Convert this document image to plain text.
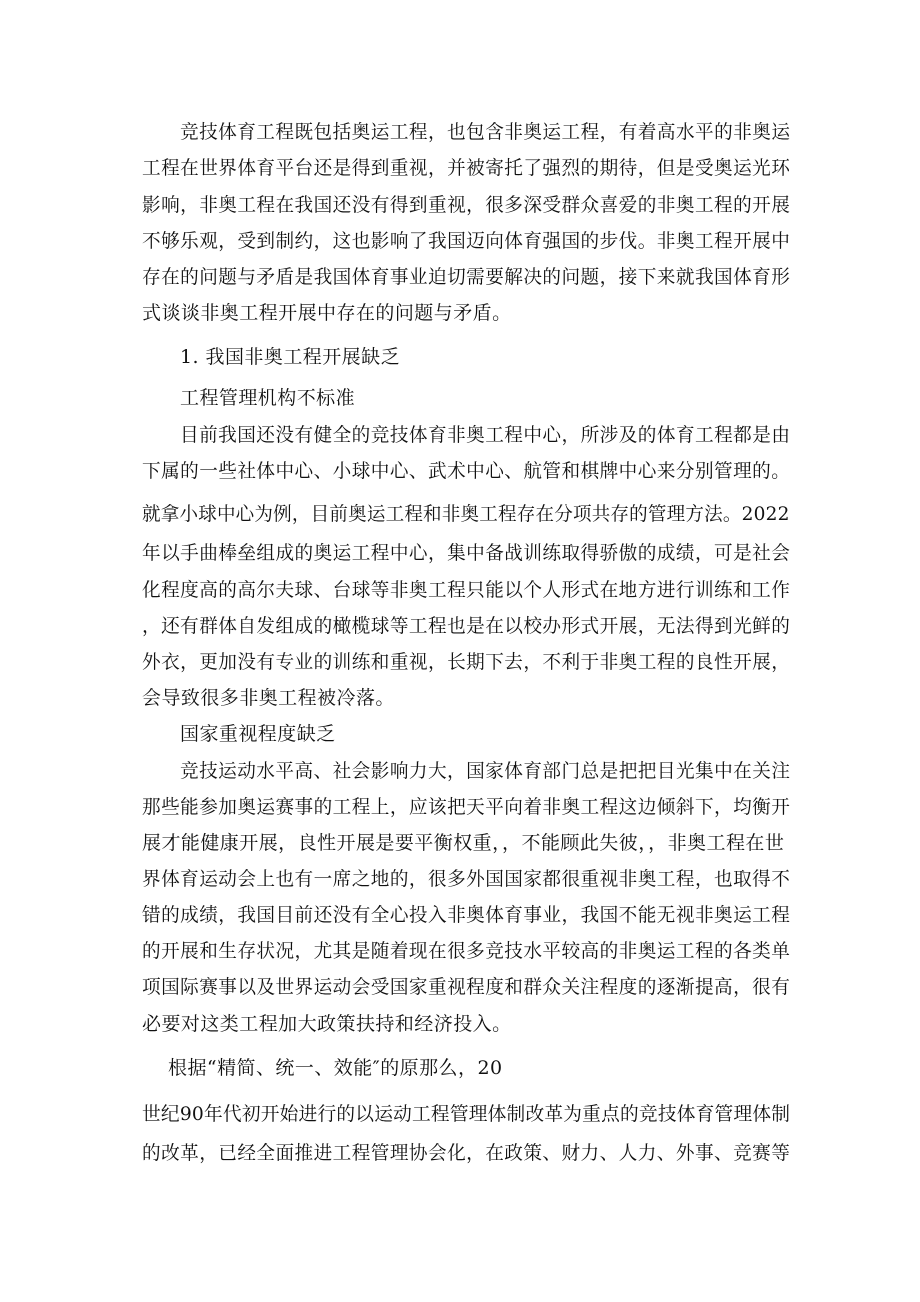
竞技体育工程既包括奥运工程，也包含非奥运工程，有着高水平的非奥运
工程在世界体育平台还是得到重视，并被寄托了强烈的期待，但是受奥运光环
影响，非奥工程在我国还没有得到重视，很多深受群众喜爱的非奥工程的开展
不够乐观，受到制约，这也影响了我国迈向体育强国的步伐。非奥工程开展中
存在的问题与矛盾是我国体育事业迫切需要解决的问题，接下来就我国体育形
式谈谈非奥工程开展中存在的问题与矛盾。
1. 我国非奥工程开展缺乏
工程管理机构不标准
目前我国还没有健全的竞技体育非奥工程中心，所涉及的体育工程都是由
下属的一些社体中心、小球中心、武术中心、航管和棋牌中心来分别管理的。
就拿小球中心为例，目前奥运工程和非奥工程存在分项共存的管理方法。2022
年以手曲棒垒组成的奥运工程中心，集中备战训练取得骄傲的成绩，可是社会
化程度高的高尔夫球、台球等非奥工程只能以个人形式在地方进行训练和工作
，还有群体自发组成的橄榄球等工程也是在以校办形式开展，无法得到光鲜的
外衣，更加没有专业的训练和重视，长期下去，不利于非奥工程的良性开展，
会导致很多非奥工程被冷落。
国家重视程度缺乏
竞技运动水平高、社会影响力大，国家体育部门总是把把目光集中在关注
那些能参加奥运赛事的工程上，应该把天平向着非奥工程这边倾斜下，均衡开
展才能健康开展，良性开展是要平衡权重，，不能顾此失彼，，非奥工程在世
界体育运动会上也有一席之地的，很多外国国家都很重视非奥工程，也取得不
错的成绩，我国目前还没有全心投入非奥体育事业，我国不能无视非奥运工程
的开展和生存状况，尤其是随着现在很多竞技水平较高的非奥运工程的各类单
项国际赛事以及世界运动会受国家重视程度和群众关注程度的逐渐提高，很有
必要对这类工程加大政策扶持和经济投入。
根据“精简、统一、效能″的原那么，20
世纪90年代初开始进行的以运动工程管理体制改革为重点的竞技体育管理体制
的改革，已经全面推进工程管理协会化，在政策、财力、人力、外事、竞赛等
